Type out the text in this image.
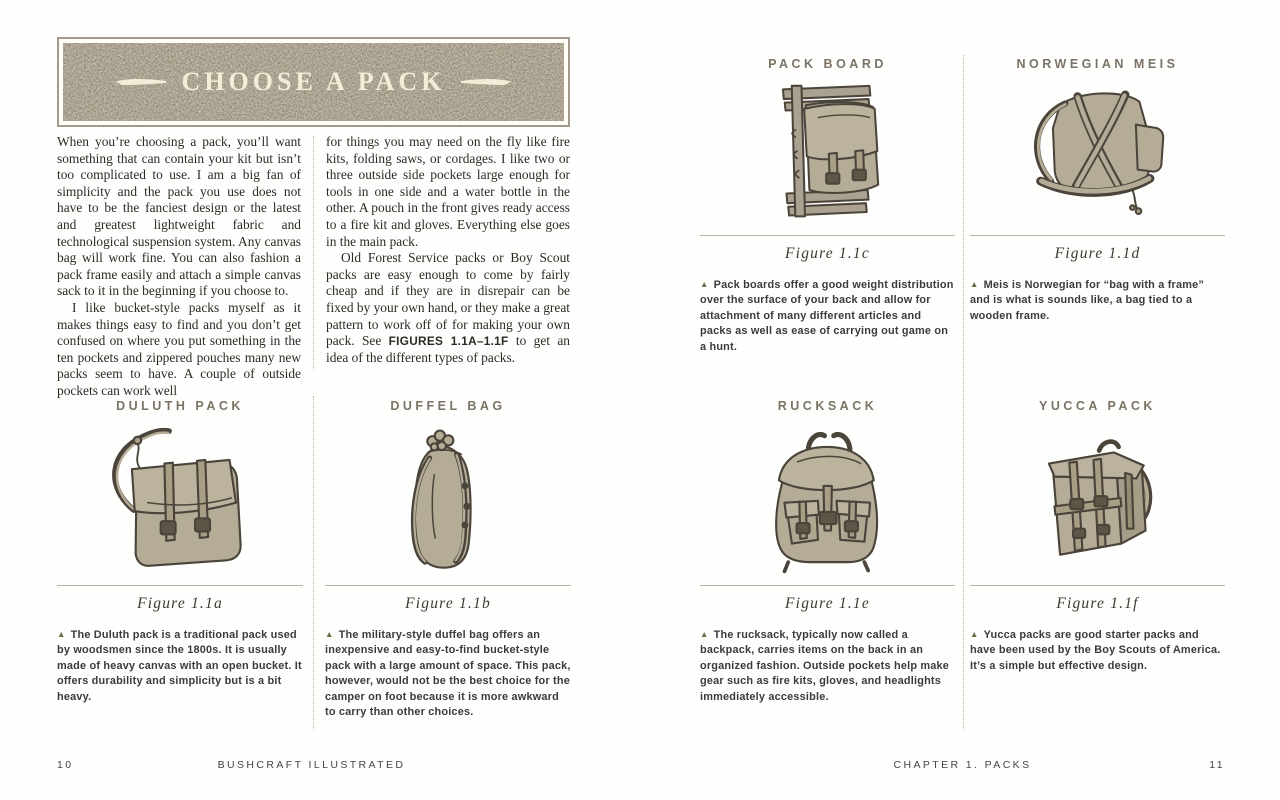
CHOOSE A PACK

When you’re choosing a pack, you’ll want something that can contain your kit but isn’t too complicated to use. I am a big fan of simplicity and the pack you use does not have to be the fanciest design or the latest and greatest lightweight fabric and technological suspension system. Any canvas bag will work fine. You can also fashion a pack frame easily and attach a simple canvas sack to it in the beginning if you choose to.

I like bucket-style packs myself as it makes things easy to find and you don’t get confused on where you put something in the ten pockets and zippered pouches many new packs seem to have. A couple of outside pockets can work well

for things you may need on the fly like fire kits, folding saws, or cordages. I like two or three outside side pockets large enough for tools in one side and a water bottle in the other. A pouch in the front gives ready access to a fire kit and gloves. Everything else goes in the main pack.

Old Forest Service packs or Boy Scout packs are easy enough to come by fairly cheap and if they are in disrepair can be fixed by your own hand, or they make a great pattern to work off of for making your own pack. See FIGURES 1.1A–1.1F to get an idea of the different types of packs.

DULUTH PACK
Figure 1.1a

▲ The Duluth pack is a traditional pack used by woodsmen since the 1800s. It is usually made of heavy canvas with an open bucket. It offers durability and simplicity but is a bit heavy.

DUFFEL BAG
Figure 1.1b

▲ The military-style duffel bag offers an inexpensive and easy-to-find bucket-style pack with a large amount of space. This pack, however, would not be the best choice for the camper on foot because it is more awkward to carry than other choices.

PACK BOARD
Figure 1.1c

▲ Pack boards offer a good weight distribution over the surface of your back and allow for attachment of many different articles and packs as well as ease of carrying out game on a hunt.

NORWEGIAN MEIS
Figure 1.1d

▲ Meis is Norwegian for “bag with a frame” and is what is sounds like, a bag tied to a wooden frame.

RUCKSACK
Figure 1.1e

▲ The rucksack, typically now called a backpack, carries items on the back in an organized fashion. Outside pockets help make gear such as fire kits, gloves, and headlights immediately accessible.

YUCCA PACK
Figure 1.1f

▲ Yucca packs are good starter packs and have been used by the Boy Scouts of America. It’s a simple but effective design.

10	BUSHCRAFT ILLUSTRATED	CHAPTER 1. PACKS	11
